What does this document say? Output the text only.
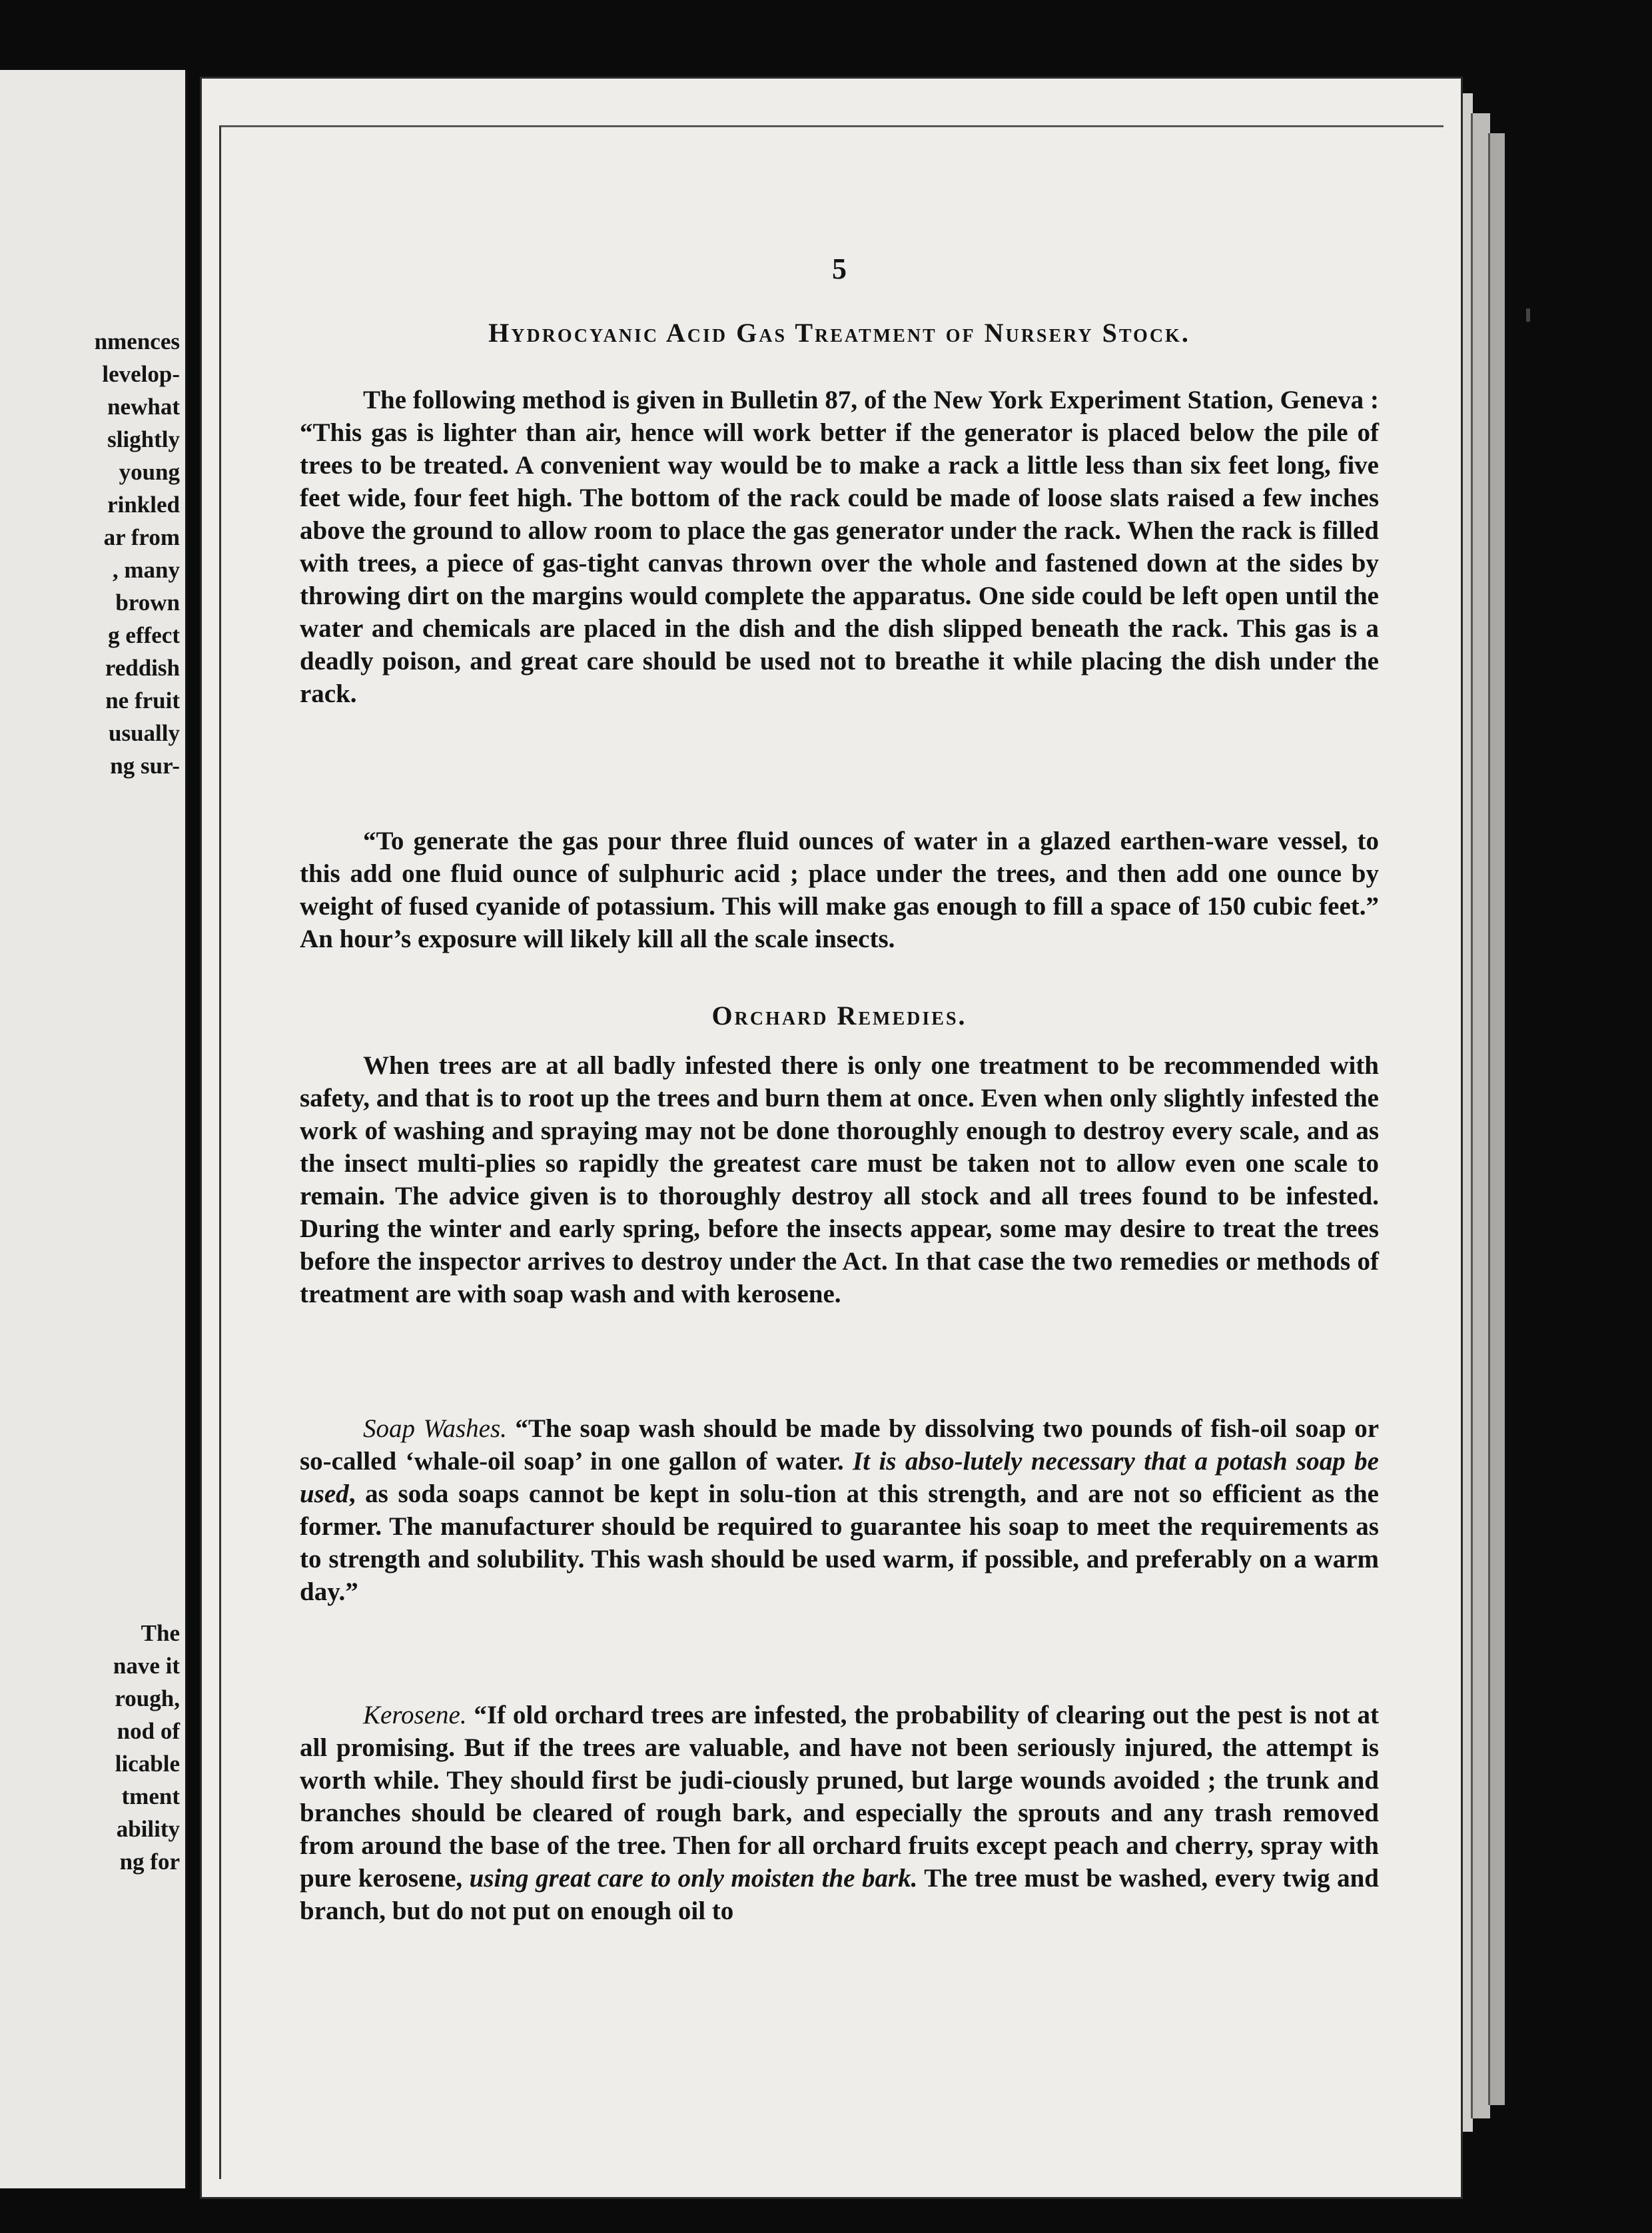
nmences
levelop-
newhat
slightly
young
rinkled
ar from
, many
brown
g effect
reddish
ne fruit
usually
ng sur-
The
nave it
rough,
nod of
licable
tment
ability
ng for

5

Hydrocyanic Acid Gas Treatment of Nursery Stock.

The following method is given in Bulletin 87, of the New York Experiment Station, Geneva : “This gas is lighter than air, hence will work better if the generator is placed below the pile of trees to be treated. A convenient way would be to make a rack a little less than six feet long, five feet wide, four feet high. The bottom of the rack could be made of loose slats raised a few inches above the ground to allow room to place the gas generator under the rack. When the rack is filled with trees, a piece of gas-tight canvas thrown over the whole and fastened down at the sides by throwing dirt on the margins would complete the apparatus. One side could be left open until the water and chemicals are placed in the dish and the dish slipped beneath the rack. This gas is a deadly poison, and great care should be used not to breathe it while placing the dish under the rack.

“To generate the gas pour three fluid ounces of water in a glazed earthen-ware vessel, to this add one fluid ounce of sulphuric acid ; place under the trees, and then add one ounce by weight of fused cyanide of potassium. This will make gas enough to fill a space of 150 cubic feet.” An hour’s exposure will likely kill all the scale insects.

Orchard Remedies.

When trees are at all badly infested there is only one treatment to be recommended with safety, and that is to root up the trees and burn them at once. Even when only slightly infested the work of washing and spraying may not be done thoroughly enough to destroy every scale, and as the insect multi-plies so rapidly the greatest care must be taken not to allow even one scale to remain. The advice given is to thoroughly destroy all stock and all trees found to be infested. During the winter and early spring, before the insects appear, some may desire to treat the trees before the inspector arrives to destroy under the Act. In that case the two remedies or methods of treatment are with soap wash and with kerosene.

Soap Washes. “The soap wash should be made by dissolving two pounds of fish-oil soap or so-called ‘whale-oil soap’ in one gallon of water. It is abso-lutely necessary that a potash soap be used, as soda soaps cannot be kept in solu-tion at this strength, and are not so efficient as the former. The manufacturer should be required to guarantee his soap to meet the requirements as to strength and solubility. This wash should be used warm, if possible, and preferably on a warm day.”

Kerosene. “If old orchard trees are infested, the probability of clearing out the pest is not at all promising. But if the trees are valuable, and have not been seriously injured, the attempt is worth while. They should first be judi-ciously pruned, but large wounds avoided ; the trunk and branches should be cleared of rough bark, and especially the sprouts and any trash removed from around the base of the tree. Then for all orchard fruits except peach and cherry, spray with pure kerosene, using great care to only moisten the bark. The tree must be washed, every twig and branch, but do not put on enough oil to
